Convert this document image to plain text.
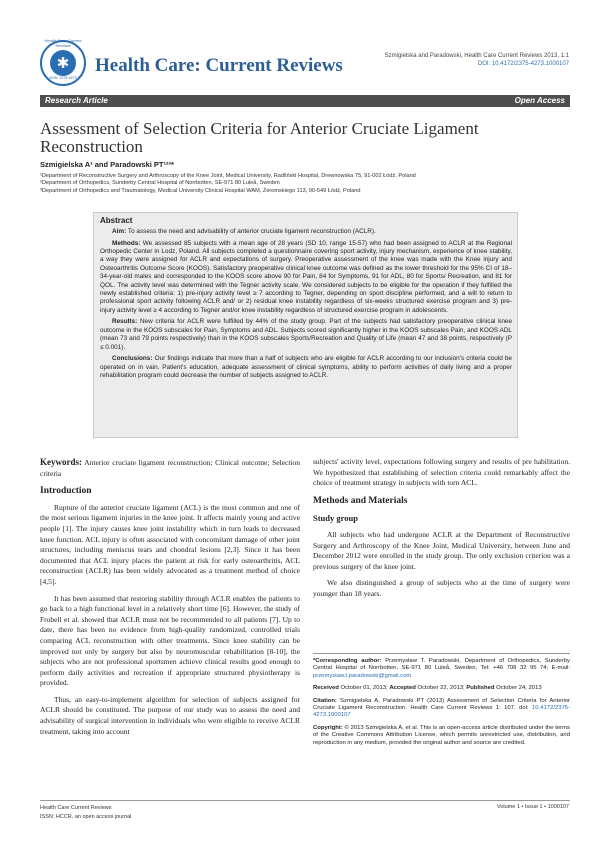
✱
Health Care: Current Reviews
ISSN: 2375-4273
Health Care: Current Reviews	Szmigielska and Paradowski, Health Care Current Reviews 2013, 1:1
DOI: 10.4172/2375-4273.1000107
Research Article	Open Access
Assessment of Selection Criteria for Anterior Cruciate Ligament Reconstruction
Szmigielska A¹ and Paradowski PT¹²³*
¹Department of Reconstructive Surgery and Arthroscopy of the Knee Joint, Medical University, Radliński Hospital, Drewnowska 75, 91-002 Łódź, Poland
²Department of Orthopedics, Sunderby Central Hospital of Norrbotten, SE-971 80 Luleå, Sweden
³Department of Orthopedics and Traumatology, Medical University Clinical Hospital WAM, Żeromskiego 113, 90-549 Łódź, Poland
Abstract

Aim: To assess the need and advisability of anterior cruciate ligament reconstruction (ACLR).

Methods: We assessed 85 subjects with a mean age of 28 years (SD 10, range 15-57) who had been assigned to ACLR at the Regional Orthopedic Center in Lodz, Poland. All subjects completed a questionnaire covering sport activity, injury mechanism, experience of knee stability, a way they were assigned for ACLR and expectations of surgery. Preoperative assessment of the knee was made with the Knee injury and Osteoarthritis Outcome Score (KOOS). Satisfactory preoperative clinical knee outcome was defined as the lower threshold for the 95% CI of 18–34-year-old males and corresponded to the KOOS score above 90 for Pain, 84 for Symptoms, 91 for ADL, 80 for Sports/ Recreation, and 81 for QOL. The activity level was determined with the Tegner activity scale. We considered subjects to be eligible for the operation if they fulfilled the newly established criteria: 1) pre-injury activity level ≥ 7 according to Tegner, depending on sport discipline performed, and a will to return to professional sport activity following ACLR and/ or 2) residual knee instability regardless of six-weeks structured exercise program and 3) pre-injury activity level ≥ 4 according to Tegner and/or knee instability regardless of structured exercise program in adolescents.

Results: New criteria for ACLR were fulfilled by 44% of the study group. Part of the subjects had satisfactory preoperative clinical knee outcome in the KOOS subscales for Pain, Symptoms and ADL. Subjects scored significantly higher in the KOOS subscales Pain, and KOOS ADL (mean 73 and 79 points respectively) than in the KOOS subscales Sports/Recreation and Quality of Life (mean 47 and 38 points, respectively (P ≤ 0.001).

Conclusions: Our findings indicate that more than a half of subjects who are eligible for ACLR according to our inclusion's criteria could be operated on in vain. Patient's education, adequate assessment of clinical symptoms, ability to perform activities of daily living and a proper rehabilitation program could decrease the number of subjects assigned to ACLR.

Keywords: Anterior cruciate ligament reconstruction; Clinical outcome; Selection criteria

Introduction

Rupture of the anterior cruciate ligament (ACL) is the most common and one of the most serious ligament injuries in the knee joint. It affects mainly young and active people [1]. The injury causes knee joint instability which in turn leads to decreased knee function. ACL injury is often associated with concomitant damage of other joint structures, including meniscus tears and chondral lesions [2,3]. Since it has been documented that ACL injury places the patient at risk for early osteoarthritis, ACL reconstruction (ACLR) has been widely advocated as a treatment method of choice [4,5].

It has been assumed that restoring stability through ACLR enables the patients to go back to a high functional level in a relatively short time [6]. However, the study of Frobell et al. showed that ACLR must not be recommended to all patients [7]. Up to date, there has been no evidence from high-quality randomized, controlled trials comparing ACL reconstruction with other treatments. Since knee stability can be improved not only by surgery but also by neuromuscular rehabilitation [8-10], the subjects who are not professional sportsmen achieve clinical results good enough to perform daily activities and recreation if appropriate structured physiotherapy is provided.

Thus, an easy-to-implement algorithm for selection of subjects assigned for ACLR should be constituted. The purpose of our study was to assess the need and advisability of surgical intervention in individuals who were eligible to receive ACLR treatment, taking into account

subjects' activity level, expectations following surgery and results of pre habilitation. We hypothesized that establishing of selection criteria could remarkably affect the choice of treatment strategy in subjects with torn ACL.

Methods and Materials
Study group

All subjects who had undergone ACLR at the Department of Reconstructive Surgery and Arthroscopy of the Knee Joint, Medical University, between June and December 2012 were enrolled in the study group. The only exclusion criterion was a previous surgery of the knee joint.

We also distinguished a group of subjects who at the time of surgery were younger than 18 years.

*Corresponding author: Przemysław T. Paradowski, Department of Orthopedics, Sunderby Central Hospital of Norrbotten, SE-971 80 Luleå, Sweden, Tel: +46 708 32 95 74; E-mail: przemyslaw.t.paradowski@gmail.com

Received October 01, 2013; Accepted October 22, 2013; Published October 24, 2013

Citation: Szmigielska A, Paradowski PT (2013) Assessment of Selection Criteria for Anterior Cruciate Ligament Reconstruction. Health Care Current Reviews 1: 107. doi: 10.4172/2375-4273.1000107

Copyright: © 2013 Szmigielska A, et al. This is an open-access article distributed under the terms of the Creative Commons Attribution License, which permits unrestricted use, distribution, and reproduction in any medium, provided the original author and source are credited.

Health Care Current Reviews
ISSN: HCCR, an open access journal
Volume 1 • Issue 1 • 1000107
